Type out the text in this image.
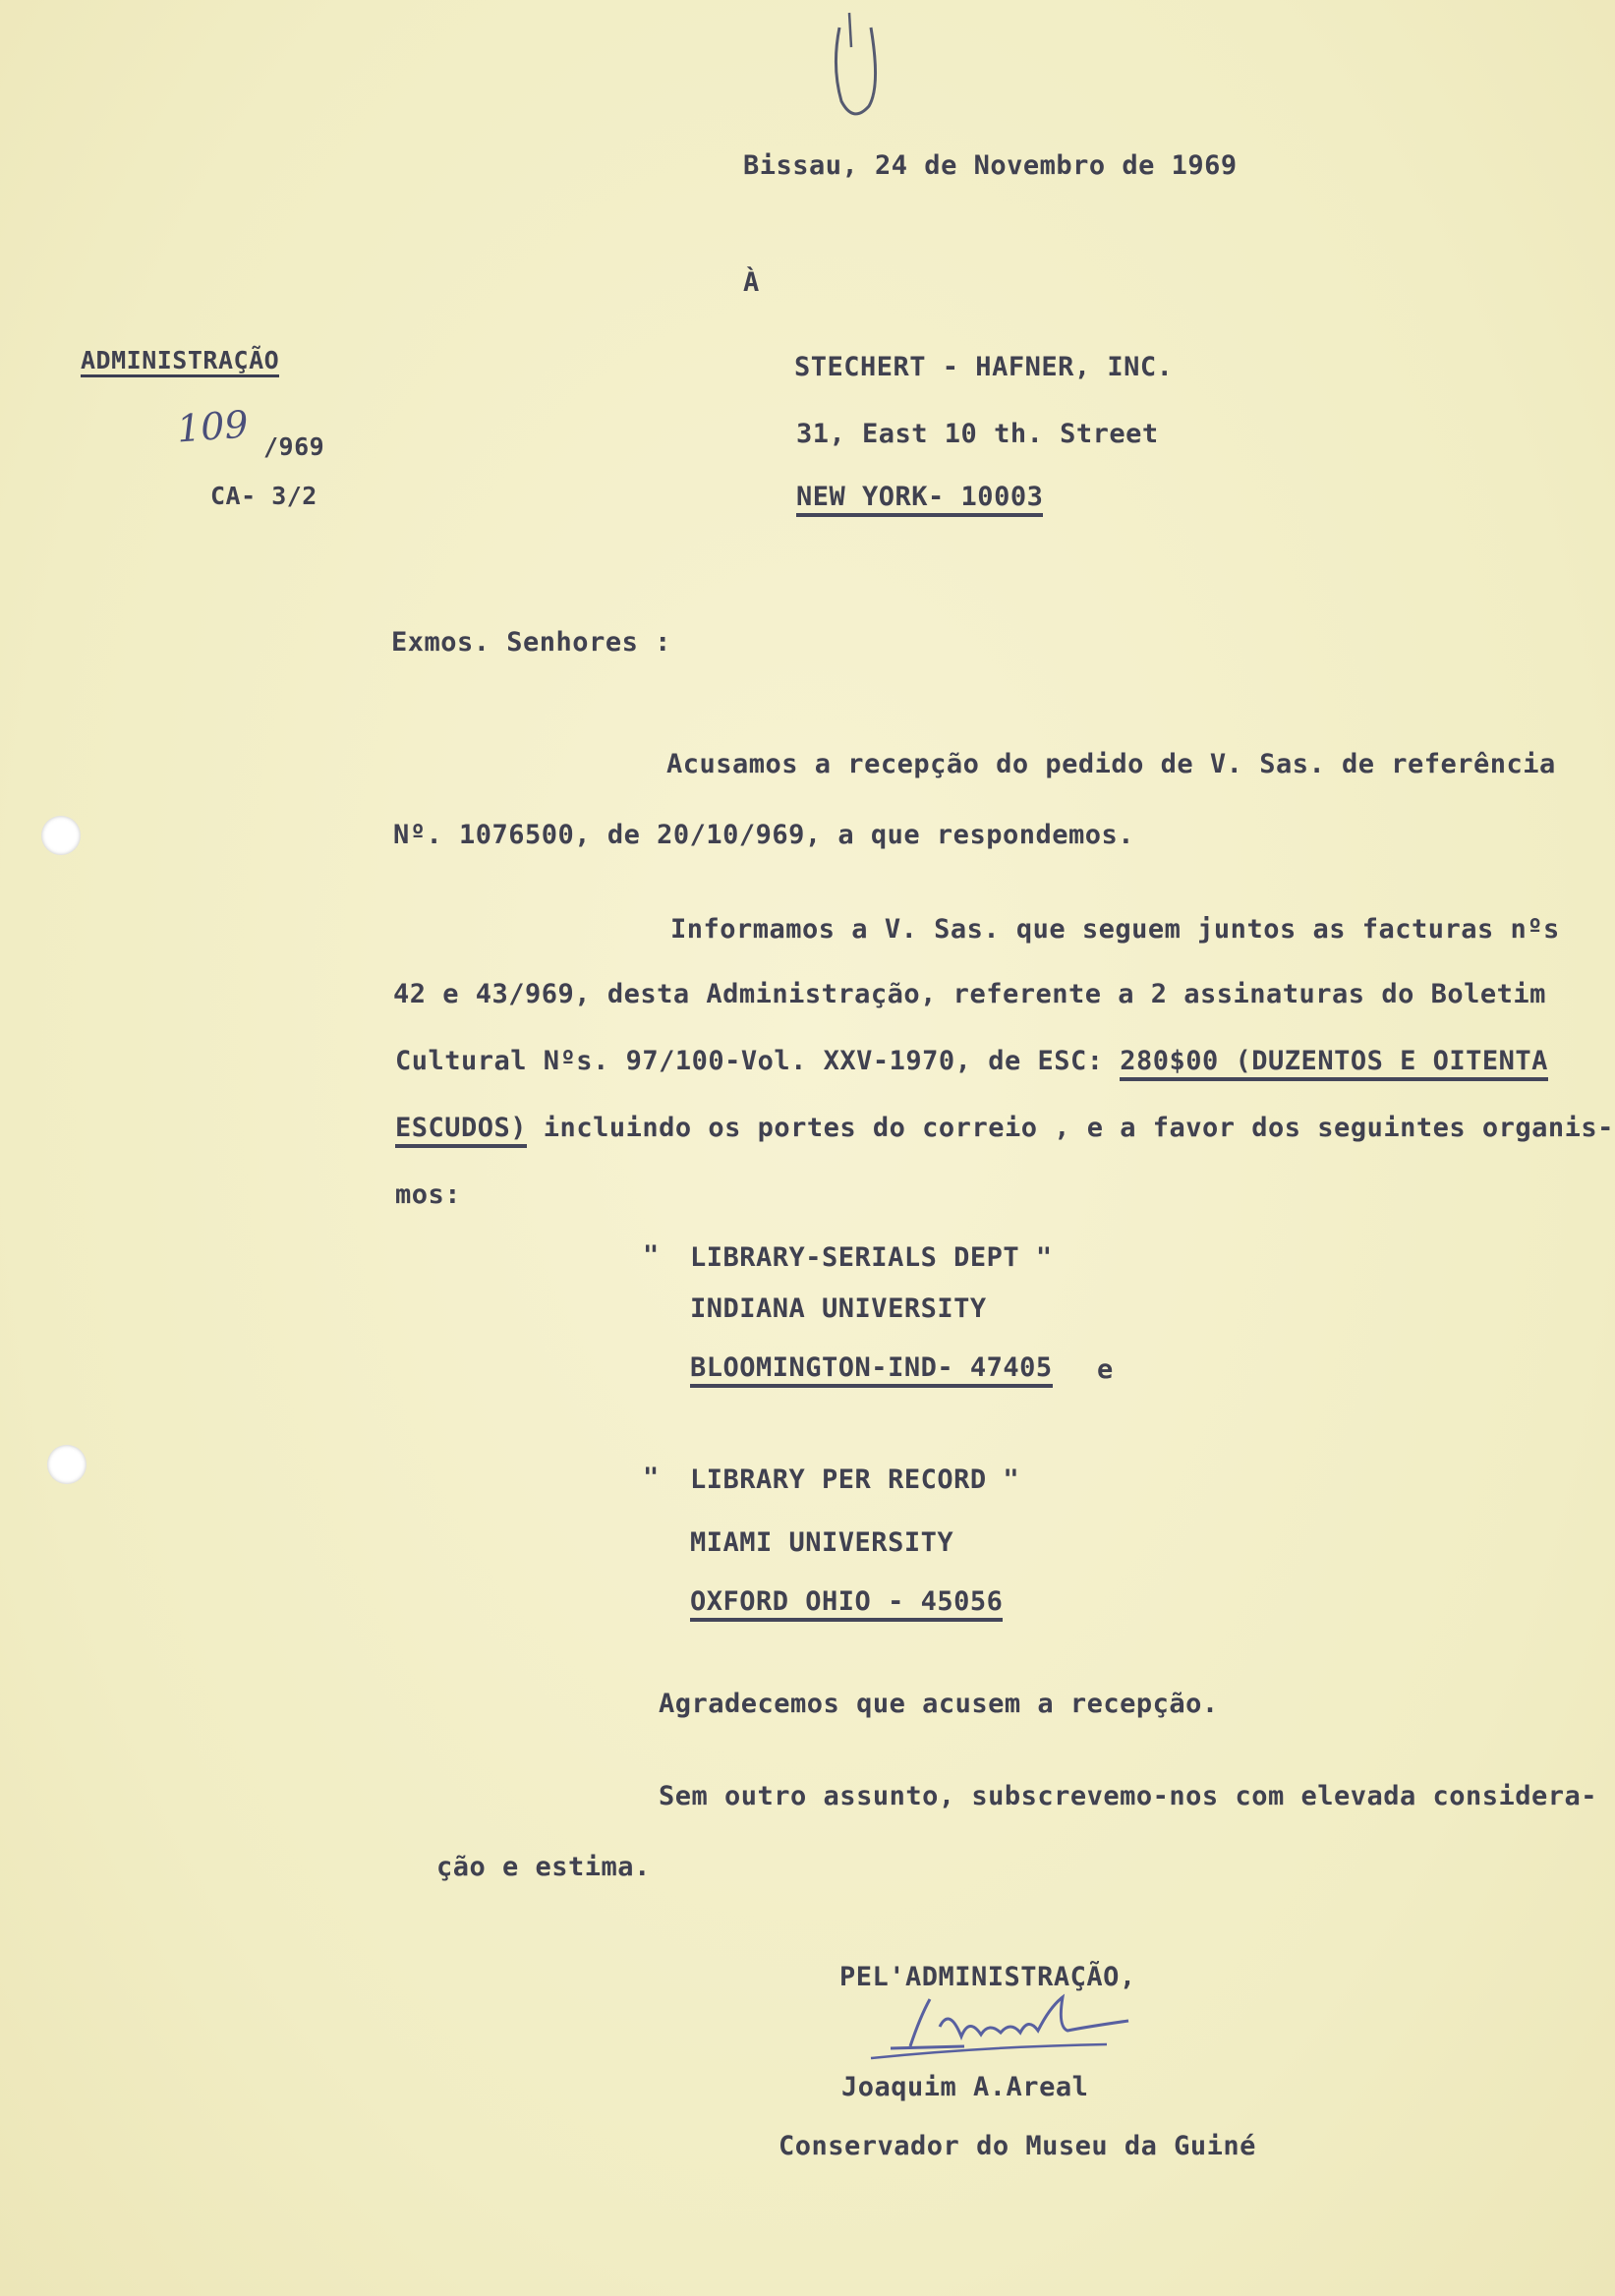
Bissau, 24 de Novembro de 1969
À
ADMINISTRAÇÃO
109 /969
CA- 3/2
STECHERT - HAFNER, INC.
31, East 10 th. Street
NEW YORK- 10003
Exmos. Senhores :
Acusamos a recepção do pedido de V. Sas. de referência
Nº. 1076500, de 20/10/969, a que respondemos.
Informamos a V. Sas. que seguem juntos as facturas nºs
42 e 43/969, desta Administração, referente a 2 assinaturas do Boletim
Cultural Nºs. 97/100-Vol. XXV-1970, de ESC: 280$00 (DUZENTOS E OITENTA
ESCUDOS) incluindo os portes do correio , e a favor dos seguintes organis-
mos:
" LIBRARY-SERIALS DEPT "
INDIANA UNIVERSITY
BLOOMINGTON-IND- 47405 e
" LIBRARY PER RECORD "
MIAMI UNIVERSITY
OXFORD OHIO - 45056
Agradecemos que acusem a recepção.
Sem outro assunto, subscrevemo-nos com elevada considera-
ção e estima.
PEL'ADMINISTRAÇÃO,
Joaquim A.Areal
Conservador do Museu da Guiné
